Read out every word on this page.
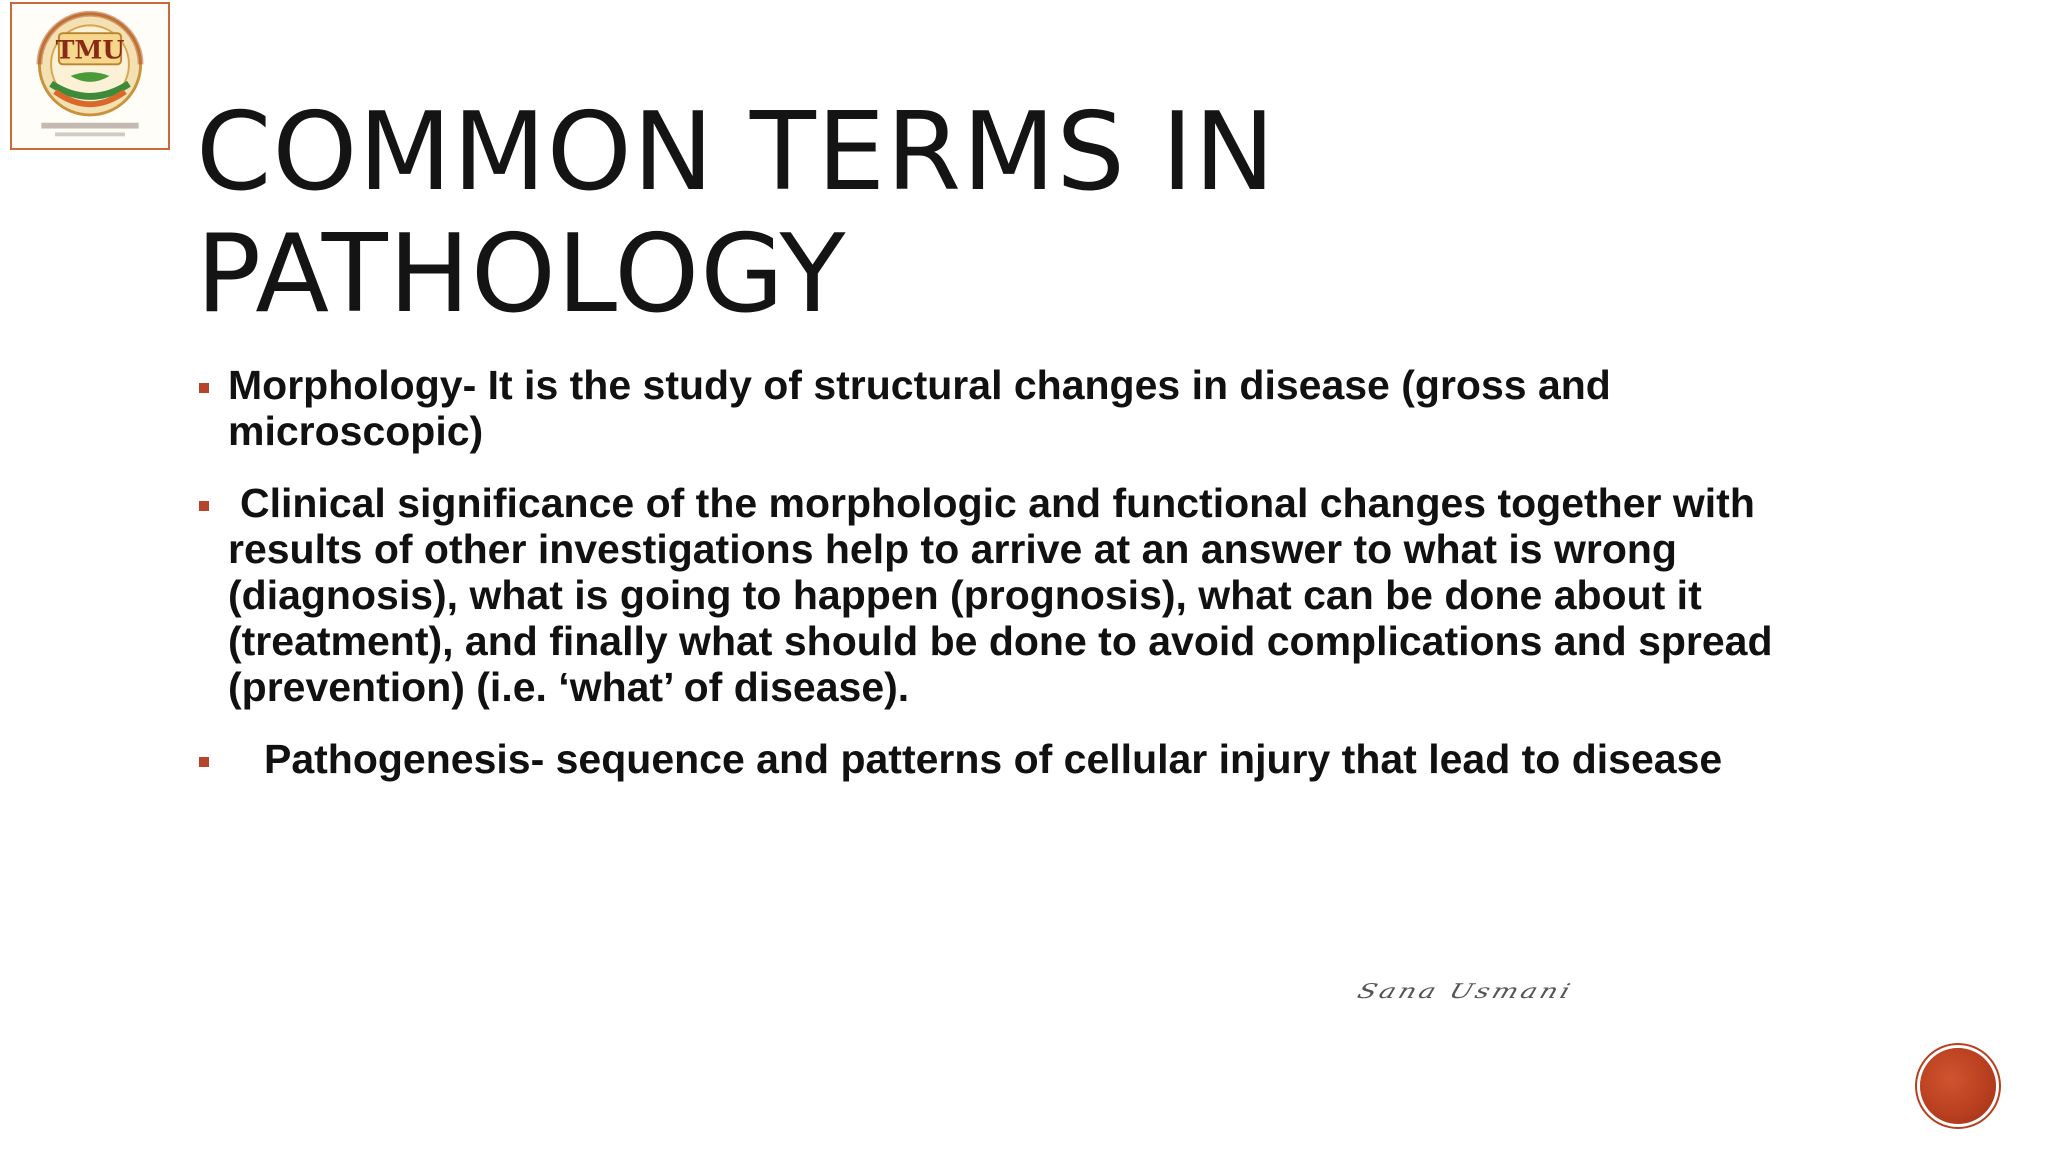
TMU
COMMON TERMS IN
PATHOLOGY
Morphology- It is the study of structural changes in disease (gross and microscopic)
Clinical significance of the morphologic and functional changes together with results of other investigations help to arrive at an answer to what is wrong (diagnosis), what is going to happen (prognosis), what can be done about it (treatment), and finally what should be done to avoid complications and spread (prevention) (i.e. ‘what’ of disease).
Pathogenesis- sequence and patterns of cellular injury that lead to disease
Sana Usmani
